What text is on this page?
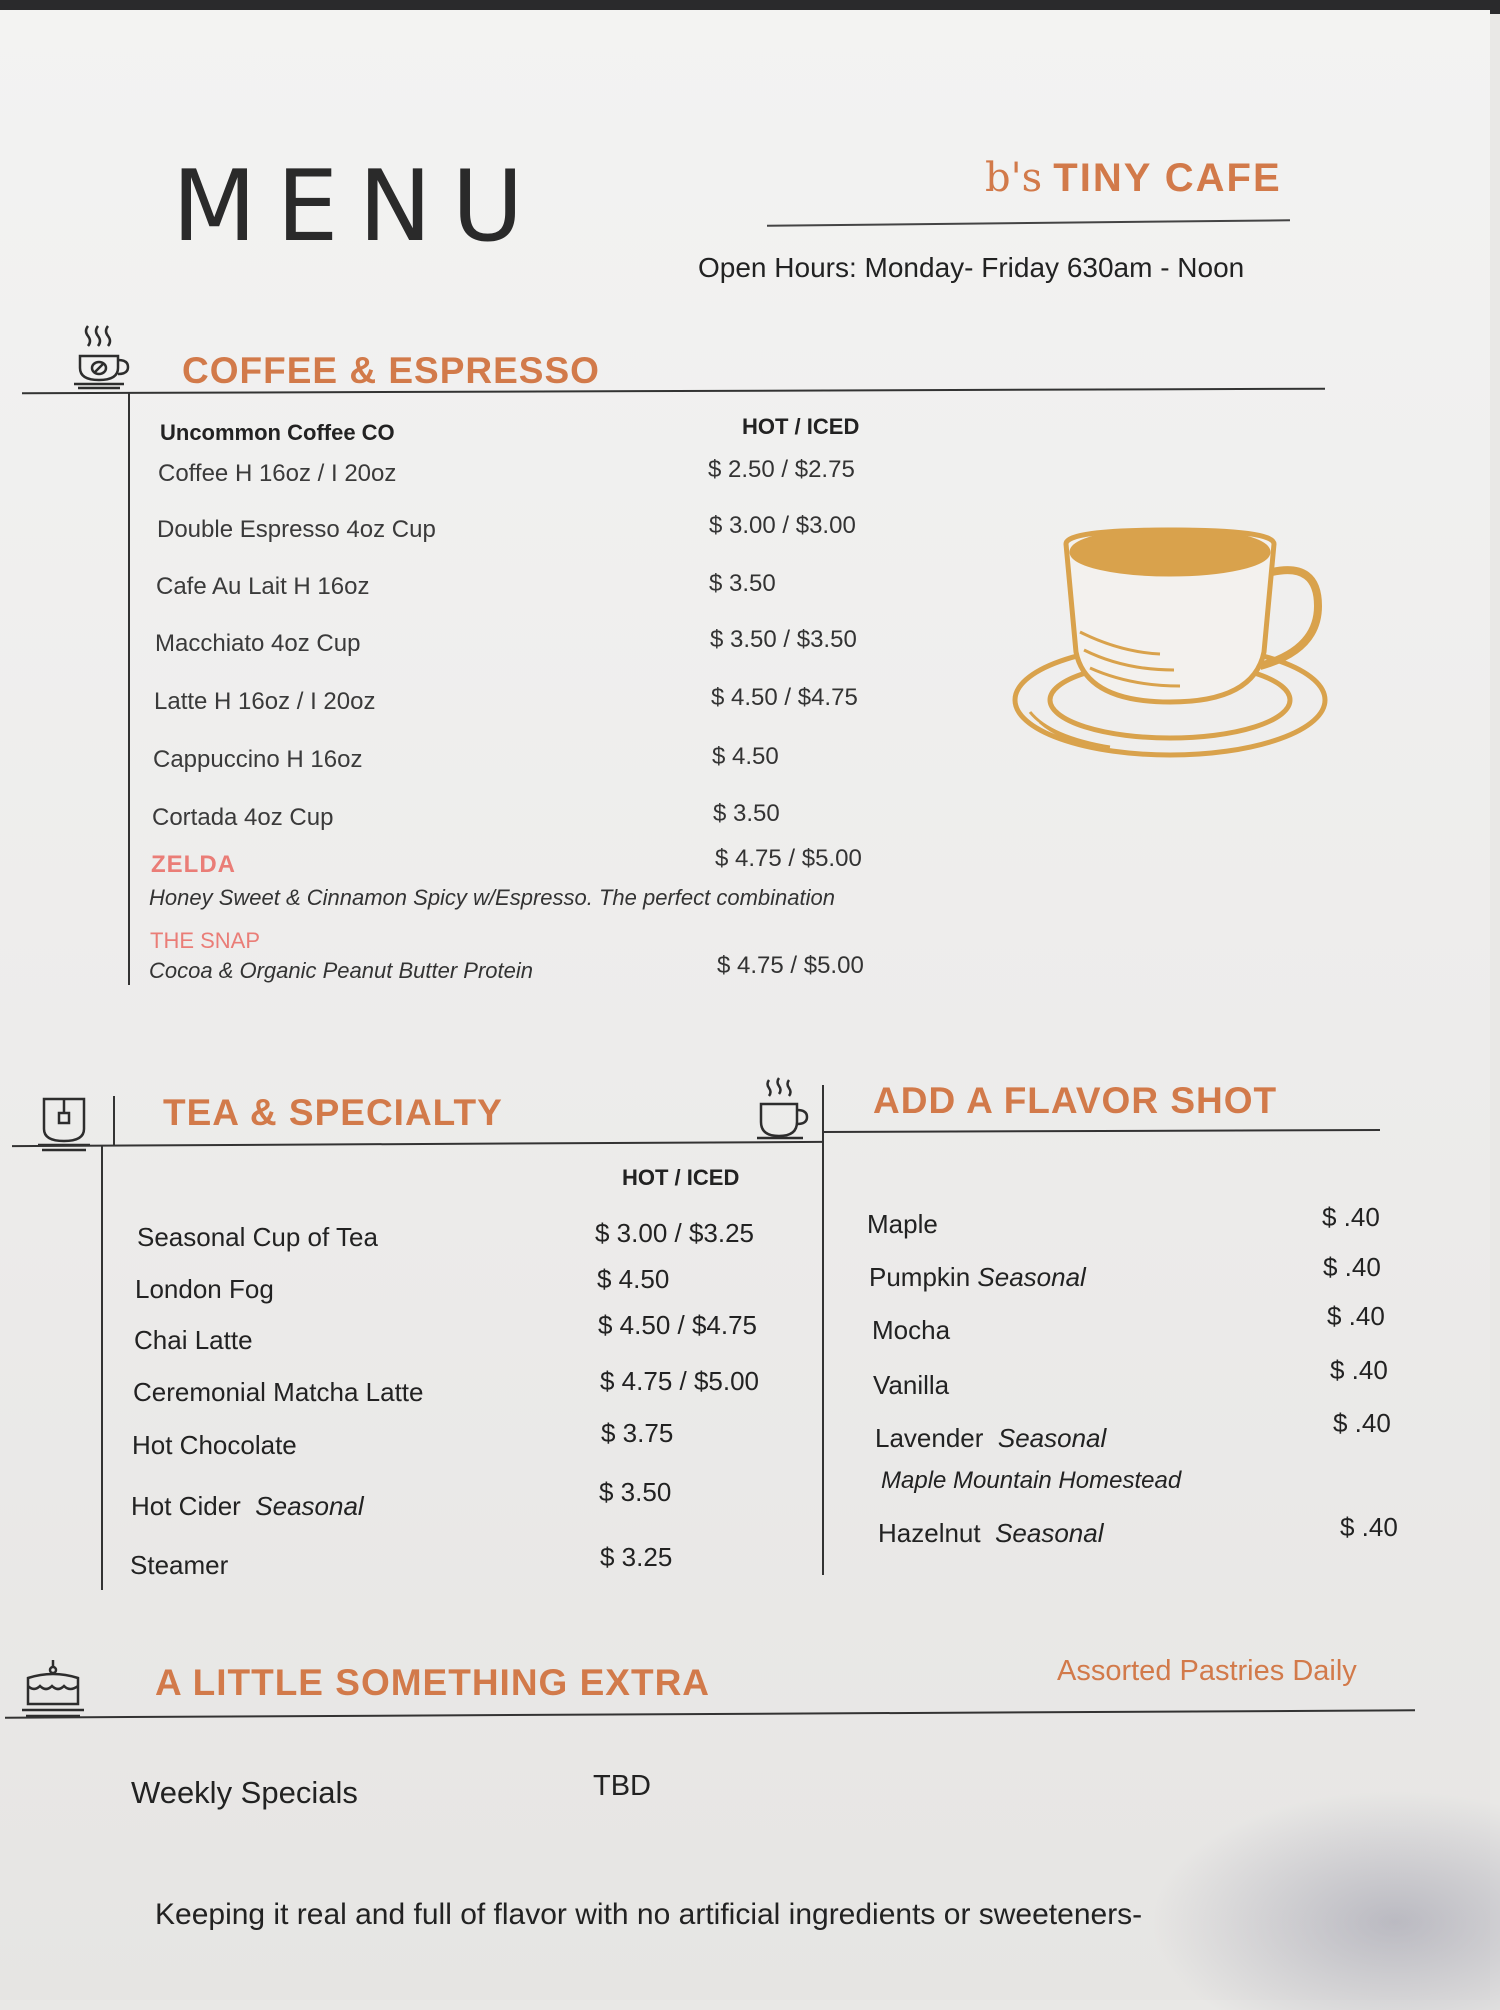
MENU	b's TINY CAFE
Open Hours: Monday- Friday 630am - Noon
COFFEE & ESPRESSO
Uncommon Coffee CO	HOT / ICED
Coffee H 16oz / I 20oz	$ 2.50 / $2.75
Double Espresso 4oz Cup	$ 3.00 / $3.00
Cafe Au Lait H 16oz	$ 3.50
Macchiato 4oz Cup	$ 3.50 / $3.50
Latte H 16oz / I 20oz	$ 4.50 / $4.75
Cappuccino H 16oz	$ 4.50
Cortada 4oz Cup	$ 3.50
ZELDA	$ 4.75 / $5.00
Honey Sweet & Cinnamon Spicy w/Espresso. The perfect combination
THE SNAP
Cocoa & Organic Peanut Butter Protein	$ 4.75 / $5.00
TEA & SPECIALTY
HOT / ICED
Seasonal Cup of Tea	$ 3.00 / $3.25
London Fog	$ 4.50
Chai Latte	$ 4.50 / $4.75
Ceremonial Matcha Latte	$ 4.75 / $5.00
Hot Chocolate	$ 3.75
Hot Cider Seasonal	$ 3.50
Steamer	$ 3.25
ADD A FLAVOR SHOT
Maple	$ .40
Pumpkin Seasonal	$ .40
Mocha	$ .40
Vanilla	$ .40
Lavender Seasonal	$ .40
Maple Mountain Homestead
Hazelnut Seasonal	$ .40
A LITTLE SOMETHING EXTRA	Assorted Pastries Daily
Weekly Specials	TBD
Keeping it real and full of flavor with no artificial ingredients or sweeteners-
